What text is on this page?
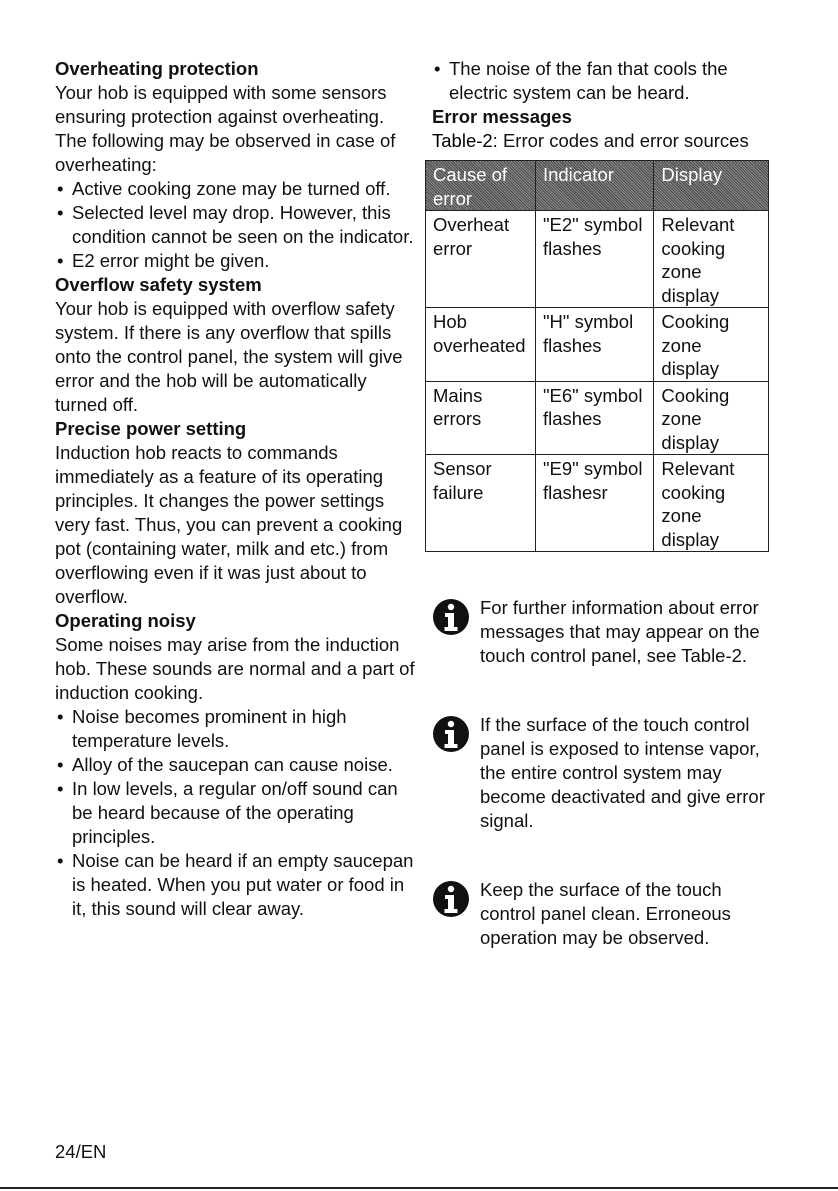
Overheating protection

Your hob is equipped with some sensors ensuring protection against overheating. The following may be observed in case of overheating:

• Active cooking zone may be turned off.
• Selected level may drop. However, this condition cannot be seen on the indicator.
• E2 error might be given.

Overflow safety system

Your hob is equipped with overflow safety system. If there is any overflow that spills onto the control panel, the system will give error and the hob will be automatically turned off.

Precise power setting

Induction hob reacts to commands immediately as a feature of its operating principles. It changes the power settings very fast. Thus, you can prevent a cooking pot (containing water, milk and etc.) from overflowing even if it was just about to overflow.

Operating noisy

Some noises may arise from the induction hob. These sounds are normal and a part of induction cooking.

• Noise becomes prominent in high temperature levels.
• Alloy of the saucepan can cause noise.
• In low levels, a regular on/off sound can be heard because of the operating principles.
• Noise can be heard if an empty saucepan is heated. When you put water or food in it, this sound will clear away.
• The noise of the fan that cools the electric system can be heard.

Error messages

Table-2: Error codes and error sources

Cause of error	Indicator	Display
Overheat error	"E2" symbol flashes	Relevant cooking zone display
Hob overheated	"H" symbol flashes	Cooking zone display
Mains errors	"E6" symbol flashes	Cooking zone display
Sensor failure	"E9" symbol flashesr	Relevant cooking zone display
For further information about error messages that may appear on the touch control panel, see Table-2.
If the surface of the touch control panel is exposed to intense vapor, the entire control system may become deactivated and give error signal.
Keep the surface of the touch control panel clean. Erroneous operation may be observed.
24/EN
